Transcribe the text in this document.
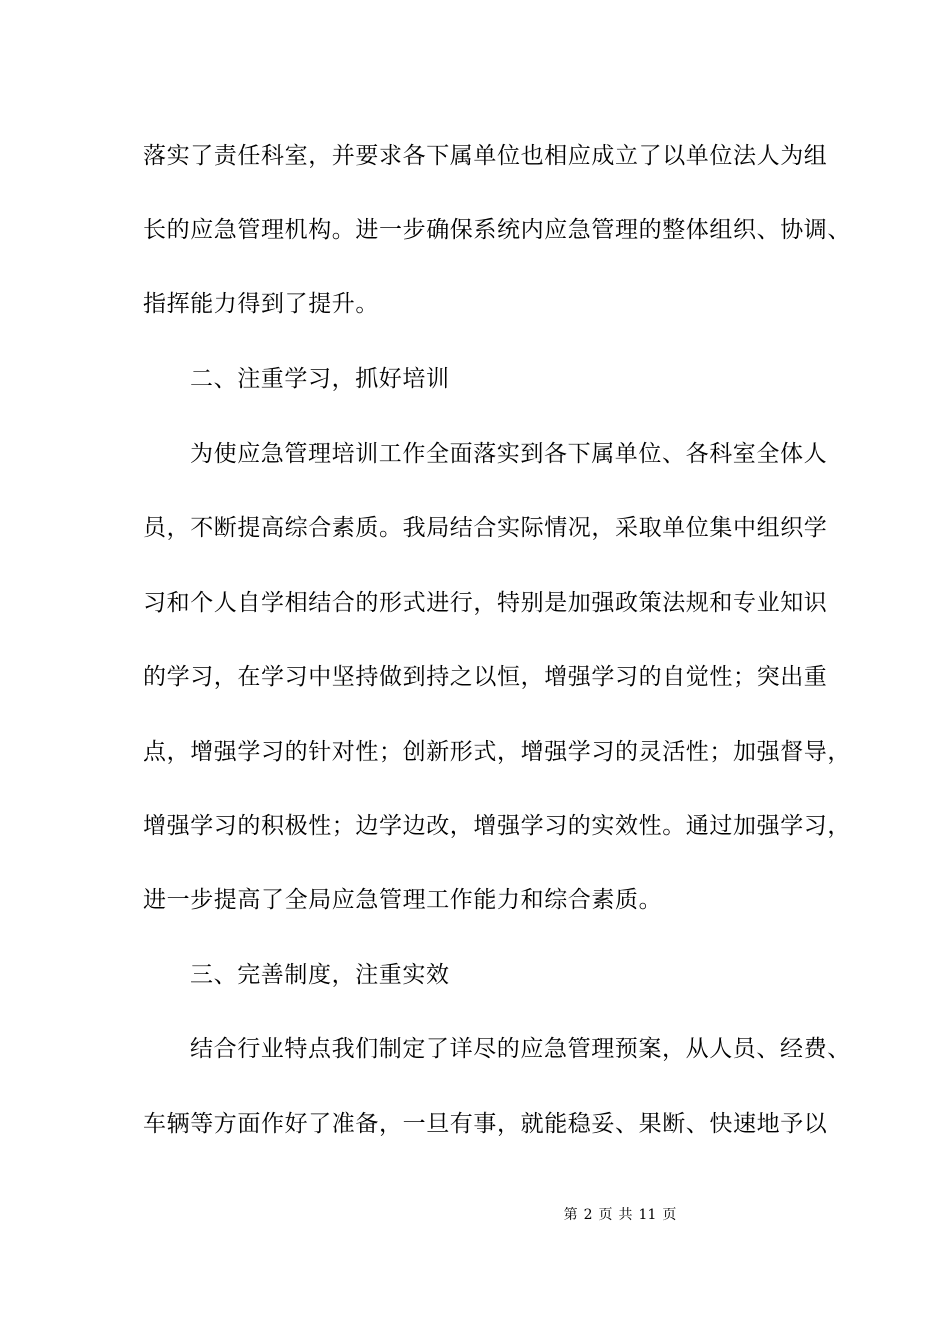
落实了责任科室，并要求各下属单位也相应成立了以单位法人为组
长的应急管理机构。进一步确保系统内应急管理的整体组织、协调、
指挥能力得到了提升。
二、注重学习，抓好培训
为使应急管理培训工作全面落实到各下属单位、各科室全体人
员，不断提高综合素质。我局结合实际情况，采取单位集中组织学
习和个人自学相结合的形式进行，特别是加强政策法规和专业知识
的学习，在学习中坚持做到持之以恒，增强学习的自觉性；突出重
点，增强学习的针对性；创新形式，增强学习的灵活性；加强督导，
增强学习的积极性；边学边改，增强学习的实效性。通过加强学习，
进一步提高了全局应急管理工作能力和综合素质。
三、完善制度，注重实效
结合行业特点我们制定了详尽的应急管理预案，从人员、经费、
车辆等方面作好了准备，一旦有事，就能稳妥、果断、快速地予以
第 2 页 共 11 页
